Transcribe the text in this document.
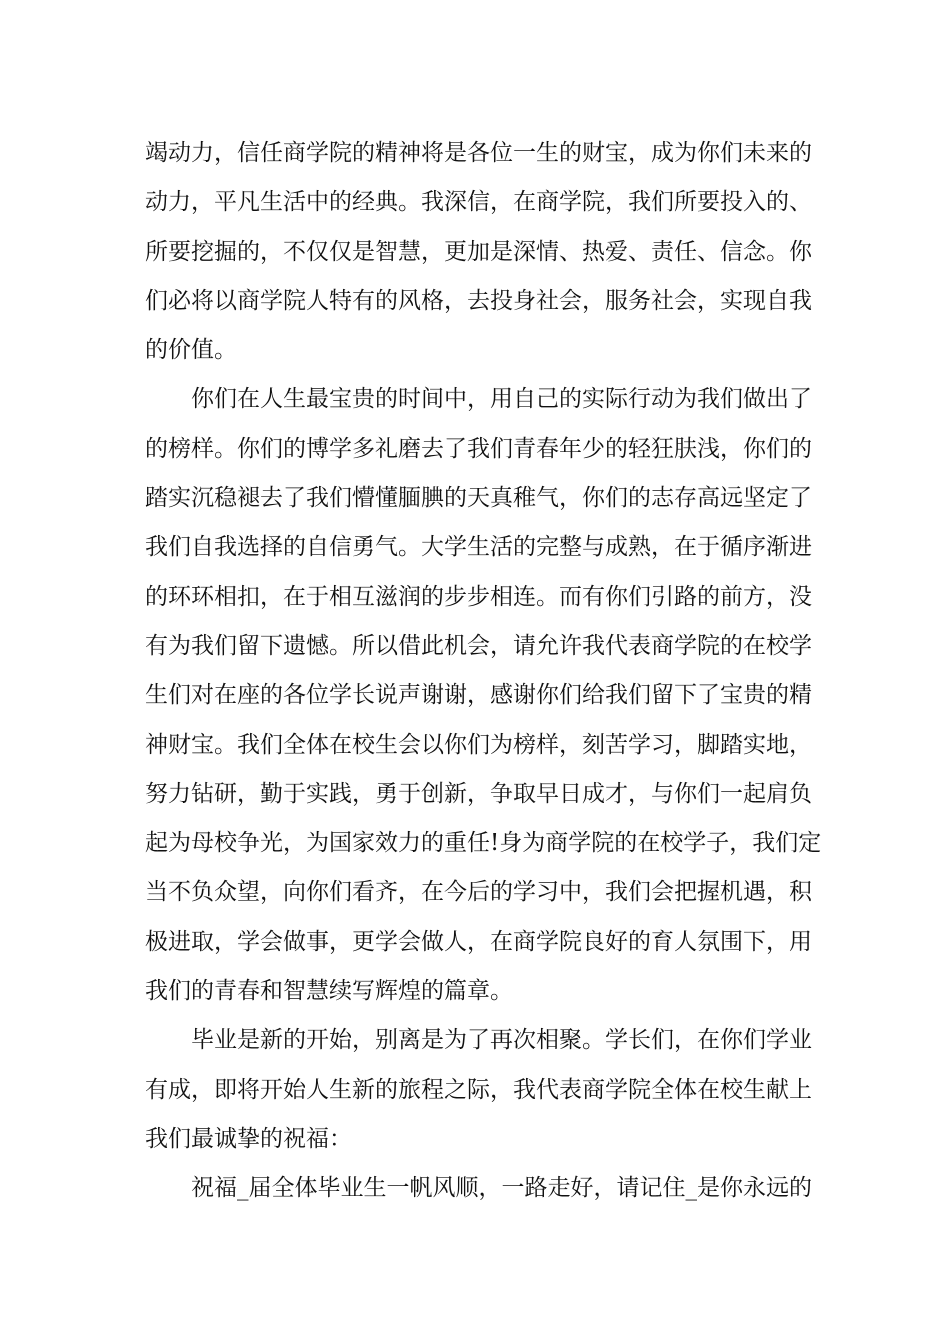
竭动力，信任商学院的精神将是各位一生的财宝，成为你们未来的
动力，平凡生活中的经典。我深信，在商学院，我们所要投入的、
所要挖掘的，不仅仅是智慧，更加是深情、热爱、责任、信念。你
们必将以商学院人特有的风格，去投身社会，服务社会，实现自我
的价值。
你们在人生最宝贵的时间中，用自己的实际行动为我们做出了
的榜样。你们的博学多礼磨去了我们青春年少的轻狂肤浅，你们的
踏实沉稳褪去了我们懵懂腼腆的天真稚气，你们的志存高远坚定了
我们自我选择的自信勇气。大学生活的完整与成熟，在于循序渐进
的环环相扣，在于相互滋润的步步相连。而有你们引路的前方，没
有为我们留下遗憾。所以借此机会，请允许我代表商学院的在校学
生们对在座的各位学长说声谢谢，感谢你们给我们留下了宝贵的精
神财宝。我们全体在校生会以你们为榜样，刻苦学习，脚踏实地，
努力钻研，勤于实践，勇于创新，争取早日成才，与你们一起肩负
起为母校争光，为国家效力的重任!身为商学院的在校学子，我们定
当不负众望，向你们看齐，在今后的学习中，我们会把握机遇，积
极进取，学会做事，更学会做人，在商学院良好的育人氛围下，用
我们的青春和智慧续写辉煌的篇章。
毕业是新的开始，别离是为了再次相聚。学长们，在你们学业
有成，即将开始人生新的旅程之际，我代表商学院全体在校生献上
我们最诚挚的祝福：
祝福_届全体毕业生一帆风顺，一路走好，请记住_是你永远的
